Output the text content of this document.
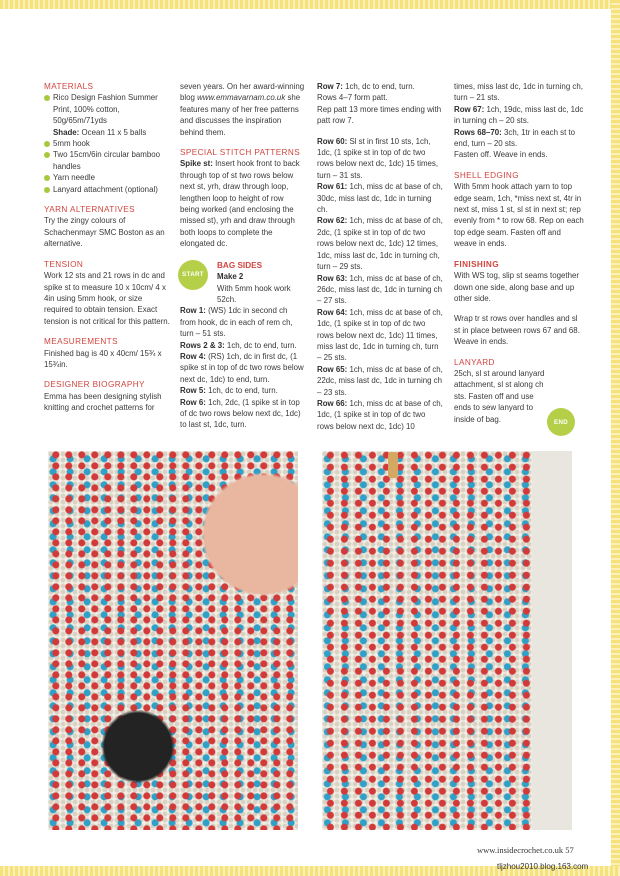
MATERIALS
Rico Design Fashion Summer Print, 100% cotton, 50g/65m/71yds
Shade: Ocean 11 x 5 balls
5mm hook
Two 15cm/6in circular bamboo handles
Yarn needle
Lanyard attachment (optional)
YARN ALTERNATIVES

Try the zingy colours of Schachenmayr SMC Boston as an alternative.

TENSION

Work 12 sts and 21 rows in dc and spike st to measure 10 x 10cm/ 4 x 4in using 5mm hook, or size required to obtain tension. Exact tension is not critical for this pattern.

MEASUREMENTS

Finished bag is 40 x 40cm/ 15¾ x 15¾in.

DESIGNER BIOGRAPHY

Emma has been designing stylish knitting and crochet patterns for

seven years. On her award-winning blog www.emmavarnam.co.uk she features many of her free patterns and discusses the inspiration behind them.

SPECIAL STITCH PATTERNS

Spike st: Insert hook front to back through top of st two rows below next st, yrh, draw through loop, lengthen loop to height of row being worked (and enclosing the missed st), yrh and draw through both loops to complete the elongated dc.

START
BAG SIDES
Make 2

With 5mm hook work 52ch.

Row 1: (WS) 1dc in second ch from hook, dc in each of rem ch, turn – 51 sts.

Rows 2 & 3: 1ch, dc to end, turn.

Row 4: (RS) 1ch, dc in first dc, (1 spike st in top of dc two rows below next dc, 1dc) to end, turn.

Row 5: 1ch, dc to end, turn.

Row 6: 1ch, 2dc, (1 spike st in top of dc two rows below next dc, 1dc) to last st, 1dc, turn.

Row 7: 1ch, dc to end, turn.

Rows 4–7 form patt.

Rep patt 13 more times ending with patt row 7.

Row 60: Sl st in first 10 sts, 1ch, 1dc, (1 spike st in top of dc two rows below next dc, 1dc) 15 times, turn – 31 sts.

Row 61: 1ch, miss dc at base of ch, 30dc, miss last dc, 1dc in turning ch.

Row 62: 1ch, miss dc at base of ch, 2dc, (1 spike st in top of dc two rows below next dc, 1dc) 12 times, 1dc, miss last dc, 1dc in turning ch, turn – 29 sts.

Row 63: 1ch, miss dc at base of ch, 26dc, miss last dc, 1dc in turning ch – 27 sts.

Row 64: 1ch, miss dc at base of ch, 1dc, (1 spike st in top of dc two rows below next dc, 1dc) 11 times, miss last dc, 1dc in turning ch, turn – 25 sts.

Row 65: 1ch, miss dc at base of ch, 22dc, miss last dc, 1dc in turning ch – 23 sts.

Row 66: 1ch, miss dc at base of ch, 1dc, (1 spike st in top of dc two rows below next dc, 1dc) 10

times, miss last dc, 1dc in turning ch, turn – 21 sts.

Row 67: 1ch, 19dc, miss last dc, 1dc in turning ch – 20 sts.

Rows 68–70: 3ch, 1tr in each st to end, turn – 20 sts.

Fasten off. Weave in ends.

SHELL EDGING

With 5mm hook attach yarn to top edge seam, 1ch, *miss next st, 4tr in next st, miss 1 st, sl st in next st; rep evenly from * to row 68. Rep on each top edge seam. Fasten off and weave in ends.

FINISHING

With WS tog, slip st seams together down one side, along base and up other side.

Wrap tr st rows over handles and sl st in place between rows 67 and 68. Weave in ends.

LANYARD

25ch, sl st around lanyard attachment, sl st along ch sts. Fasten off and use ends to sew lanyard to inside of bag.	END
www.insidecrochet.co.uk 57
tljzhou2010.blog.163.com
